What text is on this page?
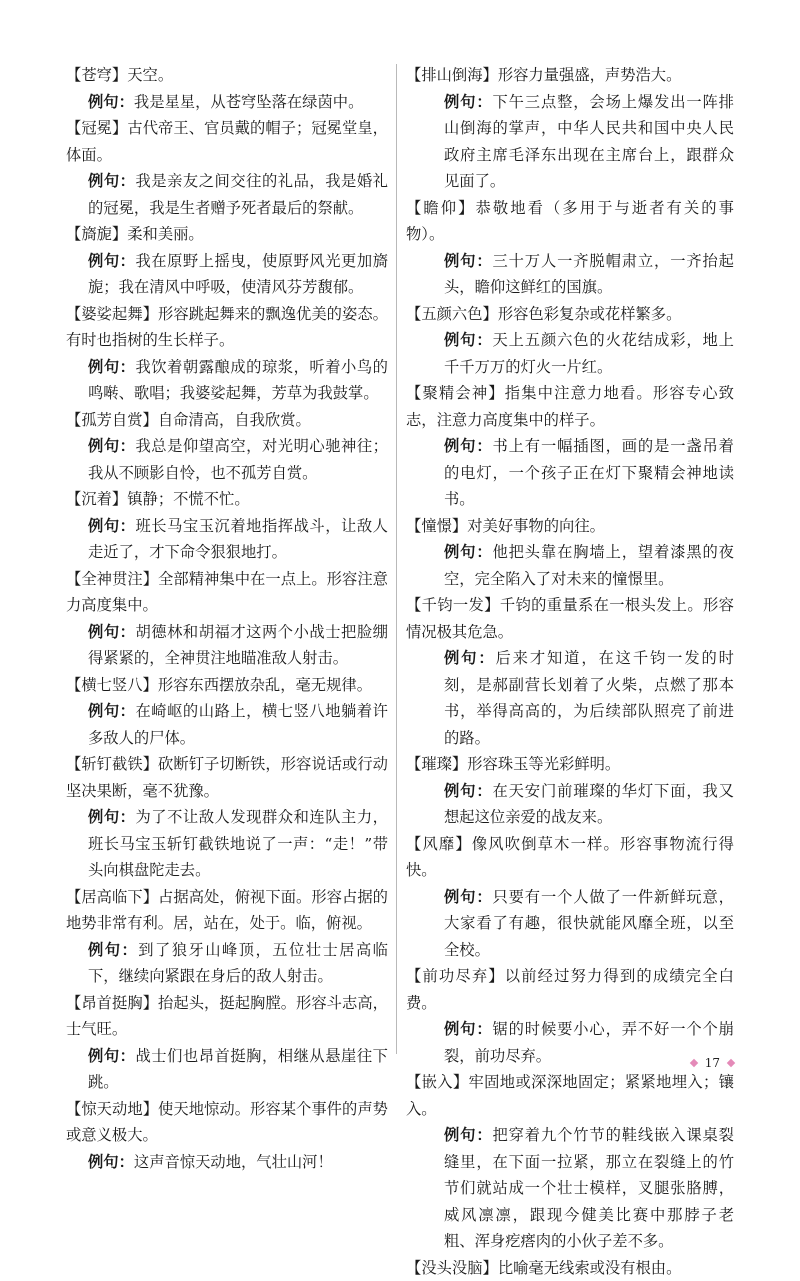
【苍穹】天空。

例句：我是星星，从苍穹坠落在绿茵中。

【冠冕】古代帝王、官员戴的帽子；冠冕堂皇，体面。

例句：我是亲友之间交往的礼品，我是婚礼的冠冕，我是生者赠予死者最后的祭献。

【旖旎】柔和美丽。

例句：我在原野上摇曳，使原野风光更加旖旎；我在清风中呼吸，使清风芬芳馥郁。

【婆娑起舞】形容跳起舞来的飘逸优美的姿态。有时也指树的生长样子。

例句：我饮着朝露酿成的琼浆，听着小鸟的鸣啭、歌唱；我婆娑起舞，芳草为我鼓掌。

【孤芳自赏】自命清高，自我欣赏。

例句：我总是仰望高空，对光明心驰神往；我从不顾影自怜，也不孤芳自赏。

【沉着】镇静；不慌不忙。

例句：班长马宝玉沉着地指挥战斗，让敌人走近了，才下命令狠狠地打。

【全神贯注】全部精神集中在一点上。形容注意力高度集中。

例句：胡德林和胡福才这两个小战士把脸绷得紧紧的，全神贯注地瞄准敌人射击。

【横七竖八】形容东西摆放杂乱，毫无规律。

例句：在崎岖的山路上，横七竖八地躺着许多敌人的尸体。

【斩钉截铁】砍断钉子切断铁，形容说话或行动坚决果断，毫不犹豫。

例句：为了不让敌人发现群众和连队主力，班长马宝玉斩钉截铁地说了一声：“走！”带头向棋盘陀走去。

【居高临下】占据高处，俯视下面。形容占据的地势非常有利。居，站在，处于。临，俯视。

例句：到了狼牙山峰顶，五位壮士居高临下，继续向紧跟在身后的敌人射击。

【昂首挺胸】抬起头，挺起胸膛。形容斗志高，士气旺。

例句：战士们也昂首挺胸，相继从悬崖往下跳。

【惊天动地】使天地惊动。形容某个事件的声势或意义极大。

例句：这声音惊天动地，气壮山河！

【排山倒海】形容力量强盛，声势浩大。

例句：下午三点整，会场上爆发出一阵排山倒海的掌声，中华人民共和国中央人民政府主席毛泽东出现在主席台上，跟群众见面了。

【瞻仰】恭敬地看（多用于与逝者有关的事物）。

例句：三十万人一齐脱帽肃立，一齐抬起头，瞻仰这鲜红的国旗。

【五颜六色】形容色彩复杂或花样繁多。

例句：天上五颜六色的火花结成彩，地上千千万万的灯火一片红。

【聚精会神】指集中注意力地看。形容专心致志，注意力高度集中的样子。

例句：书上有一幅插图，画的是一盏吊着的电灯，一个孩子正在灯下聚精会神地读书。

【憧憬】对美好事物的向往。

例句：他把头靠在胸墙上，望着漆黑的夜空，完全陷入了对未来的憧憬里。

【千钧一发】千钧的重量系在一根头发上。形容情况极其危急。

例句：后来才知道，在这千钧一发的时刻，是郝副营长划着了火柴，点燃了那本书，举得高高的，为后续部队照亮了前进的路。

【璀璨】形容珠玉等光彩鲜明。

例句：在天安门前璀璨的华灯下面，我又想起这位亲爱的战友来。

【风靡】像风吹倒草木一样。形容事物流行得快。

例句：只要有一个人做了一件新鲜玩意，大家看了有趣，很快就能风靡全班，以至全校。

【前功尽弃】以前经过努力得到的成绩完全白费。

例句：锯的时候要小心，弄不好一个个崩裂，前功尽弃。

【嵌入】牢固地或深深地固定；紧紧地埋入；镶入。

例句：把穿着九个竹节的鞋线嵌入课桌裂缝里，在下面一拉紧，那立在裂缝上的竹节们就站成一个壮士模样，叉腿张胳膊，威风凛凛，跟现今健美比赛中那脖子老粗、浑身疙瘩肉的小伙子差不多。

【没头没脑】比喻毫无线索或没有根由。

17
